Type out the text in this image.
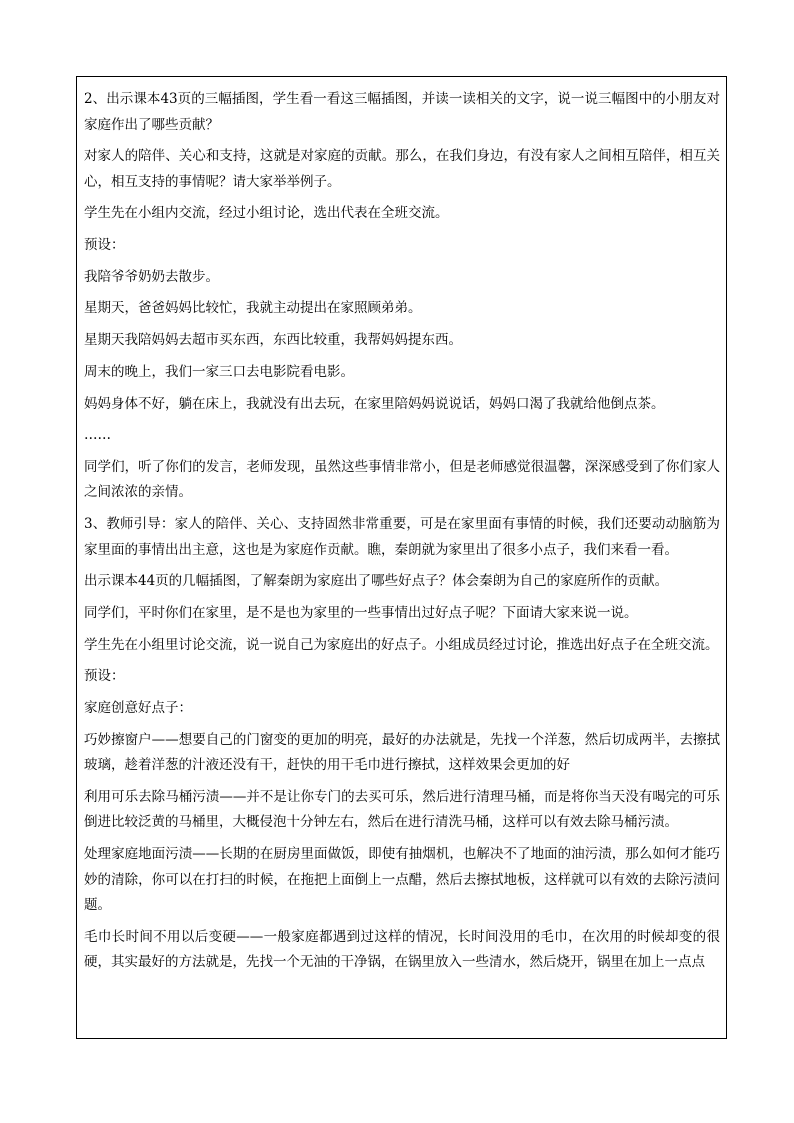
2、出示课本43页的三幅插图，学生看一看这三幅插图，并读一读相关的文字，说一说三幅图中的小朋友对家庭作出了哪些贡献？

对家人的陪伴、关心和支持，这就是对家庭的贡献。那么，在我们身边，有没有家人之间相互陪伴，相互关心，相互支持的事情呢？请大家举举例子。

学生先在小组内交流，经过小组讨论，选出代表在全班交流。

预设：

我陪爷爷奶奶去散步。

星期天，爸爸妈妈比较忙，我就主动提出在家照顾弟弟。

星期天我陪妈妈去超市买东西，东西比较重，我帮妈妈提东西。

周末的晚上，我们一家三口去电影院看电影。

妈妈身体不好，躺在床上，我就没有出去玩，在家里陪妈妈说说话，妈妈口渴了我就给他倒点茶。

……

同学们，听了你们的发言，老师发现，虽然这些事情非常小，但是老师感觉很温馨，深深感受到了你们家人之间浓浓的亲情。

3、教师引导：家人的陪伴、关心、支持固然非常重要，可是在家里面有事情的时候，我们还要动动脑筋为家里面的事情出出主意，这也是为家庭作贡献。瞧，秦朗就为家里出了很多小点子，我们来看一看。

出示课本44页的几幅插图，了解秦朗为家庭出了哪些好点子？体会秦朗为自己的家庭所作的贡献。

同学们，平时你们在家里，是不是也为家里的一些事情出过好点子呢？下面请大家来说一说。

学生先在小组里讨论交流，说一说自己为家庭出的好点子。小组成员经过讨论，推选出好点子在全班交流。

预设：

家庭创意好点子：

巧妙擦窗户——想要自己的门窗变的更加的明亮，最好的办法就是，先找一个洋葱，然后切成两半，去擦拭玻璃，趁着洋葱的汁液还没有干，赶快的用干毛巾进行擦拭，这样效果会更加的好

利用可乐去除马桶污渍——并不是让你专门的去买可乐，然后进行清理马桶，而是将你当天没有喝完的可乐倒进比较泛黄的马桶里，大概侵泡十分钟左右，然后在进行清洗马桶，这样可以有效去除马桶污渍。

处理家庭地面污渍——长期的在厨房里面做饭，即使有抽烟机，也解决不了地面的油污渍，那么如何才能巧妙的清除，你可以在打扫的时候，在拖把上面倒上一点醋，然后去擦拭地板，这样就可以有效的去除污渍问题。

毛巾长时间不用以后变硬——一般家庭都遇到过这样的情况，长时间没用的毛巾，在次用的时候却变的很硬，其实最好的方法就是，先找一个无油的干净锅，在锅里放入一些清水，然后烧开，锅里在加上一点点
